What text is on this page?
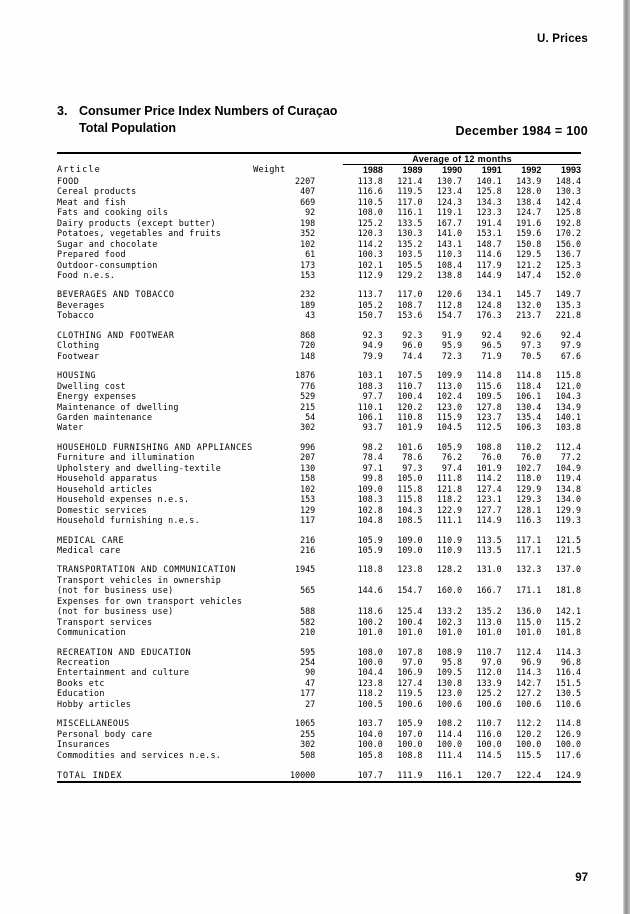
U. Prices
3. Consumer Price Index Numbers of Curaçao
Total Population	December 1984 = 100
Article	Weight		Average of 12 months					
			1988	1989	1990	1991	1992	1993
FOOD	2207		113.8	121.4	130.7	140.1	143.9	148.4
Cereal products	407		116.6	119.5	123.4	125.8	128.0	130.3
Meat and fish	669		110.5	117.0	124.3	134.3	138.4	142.4
Fats and cooking oils	92		108.0	116.1	119.1	123.3	124.7	125.8
Dairy products (except butter)	198		125.2	133.5	167.7	191.4	191.6	192.8
Potatoes, vegetables and fruits	352		120.3	130.3	141.0	153.1	159.6	170.2
Sugar and chocolate	102		114.2	135.2	143.1	148.7	150.8	156.0
Prepared food	61		100.3	103.5	110.3	114.6	129.5	136.7
Outdoor-consumption	173		102.1	105.5	108.4	117.9	121.2	125.3
Food n.e.s.	153		112.9	129.2	138.8	144.9	147.4	152.0

BEVERAGES AND TOBACCO	232		113.7	117.0	120.6	134.1	145.7	149.7
Beverages	189		105.2	108.7	112.8	124.8	132.0	135.3
Tobacco	43		150.7	153.6	154.7	176.3	213.7	221.8

CLOTHING AND FOOTWEAR	868		92.3	92.3	91.9	92.4	92.6	92.4
Clothing	720		94.9	96.0	95.9	96.5	97.3	97.9
Footwear	148		79.9	74.4	72.3	71.9	70.5	67.6

HOUSING	1876		103.1	107.5	109.9	114.8	114.8	115.8
Dwelling cost	776		108.3	110.7	113.0	115.6	118.4	121.0
Energy expenses	529		97.7	100.4	102.4	109.5	106.1	104.3
Maintenance of dwelling	215		110.1	120.2	123.0	127.8	130.4	134.9
Garden maintenance	54		106.1	110.8	115.9	123.7	135.4	140.1
Water	302		93.7	101.9	104.5	112.5	106.3	103.8

HOUSEHOLD FURNISHING AND APPLIANCES	996		98.2	101.6	105.9	108.8	110.2	112.4
Furniture and illumination	207		78.4	78.6	76.2	76.0	76.0	77.2
Upholstery and dwelling-textile	130		97.1	97.3	97.4	101.9	102.7	104.9
Household apparatus	158		99.8	105.0	111.8	114.2	118.0	119.4
Household articles	102		109.0	115.8	121.8	127.4	129.9	134.8
Household expenses n.e.s.	153		108.3	115.8	118.2	123.1	129.3	134.0
Domestic services	129		102.8	104.3	122.9	127.7	128.1	129.9
Household furnishing n.e.s.	117		104.8	108.5	111.1	114.9	116.3	119.3

MEDICAL CARE	216		105.9	109.0	110.9	113.5	117.1	121.5
Medical care	216		105.9	109.0	110.9	113.5	117.1	121.5

TRANSPORTATION AND COMMUNICATION	1945		118.8	123.8	128.2	131.0	132.3	137.0
Transport vehicles in ownership								
(not for business use)	565		144.6	154.7	160.0	166.7	171.1	181.8
Expenses for own transport vehicles								
(not for business use)	588		118.6	125.4	133.2	135.2	136.0	142.1
Transport services	582		100.2	100.4	102.3	113.0	115.0	115.2
Communication	210		101.0	101.0	101.0	101.0	101.0	101.8

RECREATION AND EDUCATION	595		108.0	107.8	108.9	110.7	112.4	114.3
Recreation	254		100.0	97.0	95.8	97.0	96.9	96.8
Entertainment and culture	90		104.4	106.9	109.5	112.0	114.3	116.4
Books etc	47		123.8	127.4	130.8	133.9	142.7	151.5
Education	177		118.2	119.5	123.0	125.2	127.2	130.5
Hobby articles	27		100.5	100.6	100.6	100.6	100.6	110.6

MISCELLANEOUS	1065		103.7	105.9	108.2	110.7	112.2	114.8
Personal body care	255		104.0	107.0	114.4	116.0	120.2	126.9
Insurances	302		100.0	100.0	100.0	100.0	100.0	100.0
Commodities and services n.e.s.	508		105.8	108.8	111.4	114.5	115.5	117.6

TOTAL INDEX	10000		107.7	111.9	116.1	120.7	122.4	124.9
97
